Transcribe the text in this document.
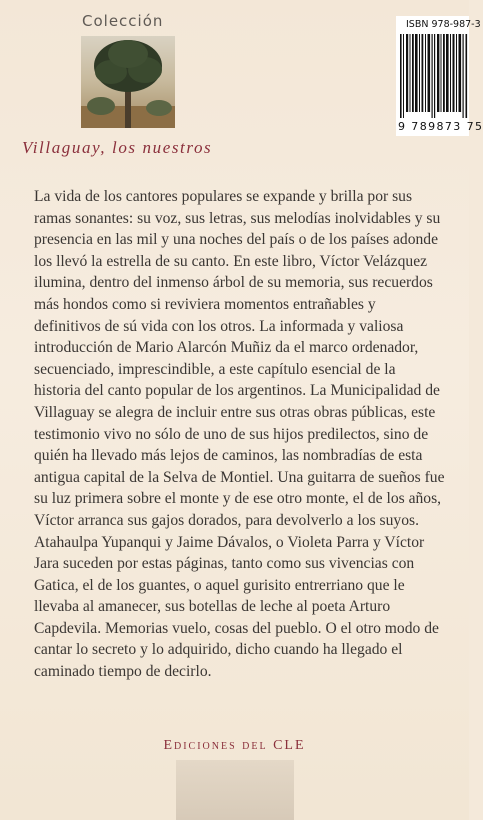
Colección
Villaguay, los nuestros
ISBN 978-987-3
9 789873 75

La vida de los cantores populares se expande y brilla por sus ramas sonantes: su voz, sus letras, sus melodías inolvidables y su presencia en las mil y una noches del país o de los países adonde los llevó la estrella de su canto. En este libro, Víctor Velázquez ilumina, dentro del inmenso árbol de su memoria, sus recuerdos más hondos como si reviviera momentos entrañables y definitivos de sú vida con los otros. La informada y valiosa introducción de Mario Alarcón Muñiz da el marco ordenador, secuenciado, imprescindible, a este capítulo esencial de la historia del canto popular de los argentinos. La Municipalidad de Villaguay se alegra de incluir entre sus otras obras públicas, este testimonio vivo no sólo de uno de sus hijos predilectos, sino de quién ha llevado más lejos de caminos, las nombradías de esta antigua capital de la Selva de Montiel. Una guitarra de sueños fue su luz primera sobre el monte y de ese otro monte, el de los años, Víctor arranca sus gajos dorados, para devolverlo a los suyos. Atahaulpa Yupanqui y Jaime Dávalos, o Violeta Parra y Víctor Jara suceden por estas páginas, tanto como sus vivencias con Gatica, el de los guantes, o aquel gurisito entrerriano que le llevaba al amanecer, sus botellas de leche al poeta Arturo Capdevila. Memorias vuelo, cosas del pueblo. O el otro modo de cantar lo secreto y lo adquirido, dicho cuando ha llegado el caminado tiempo de decirlo.

Ediciones del CLE
